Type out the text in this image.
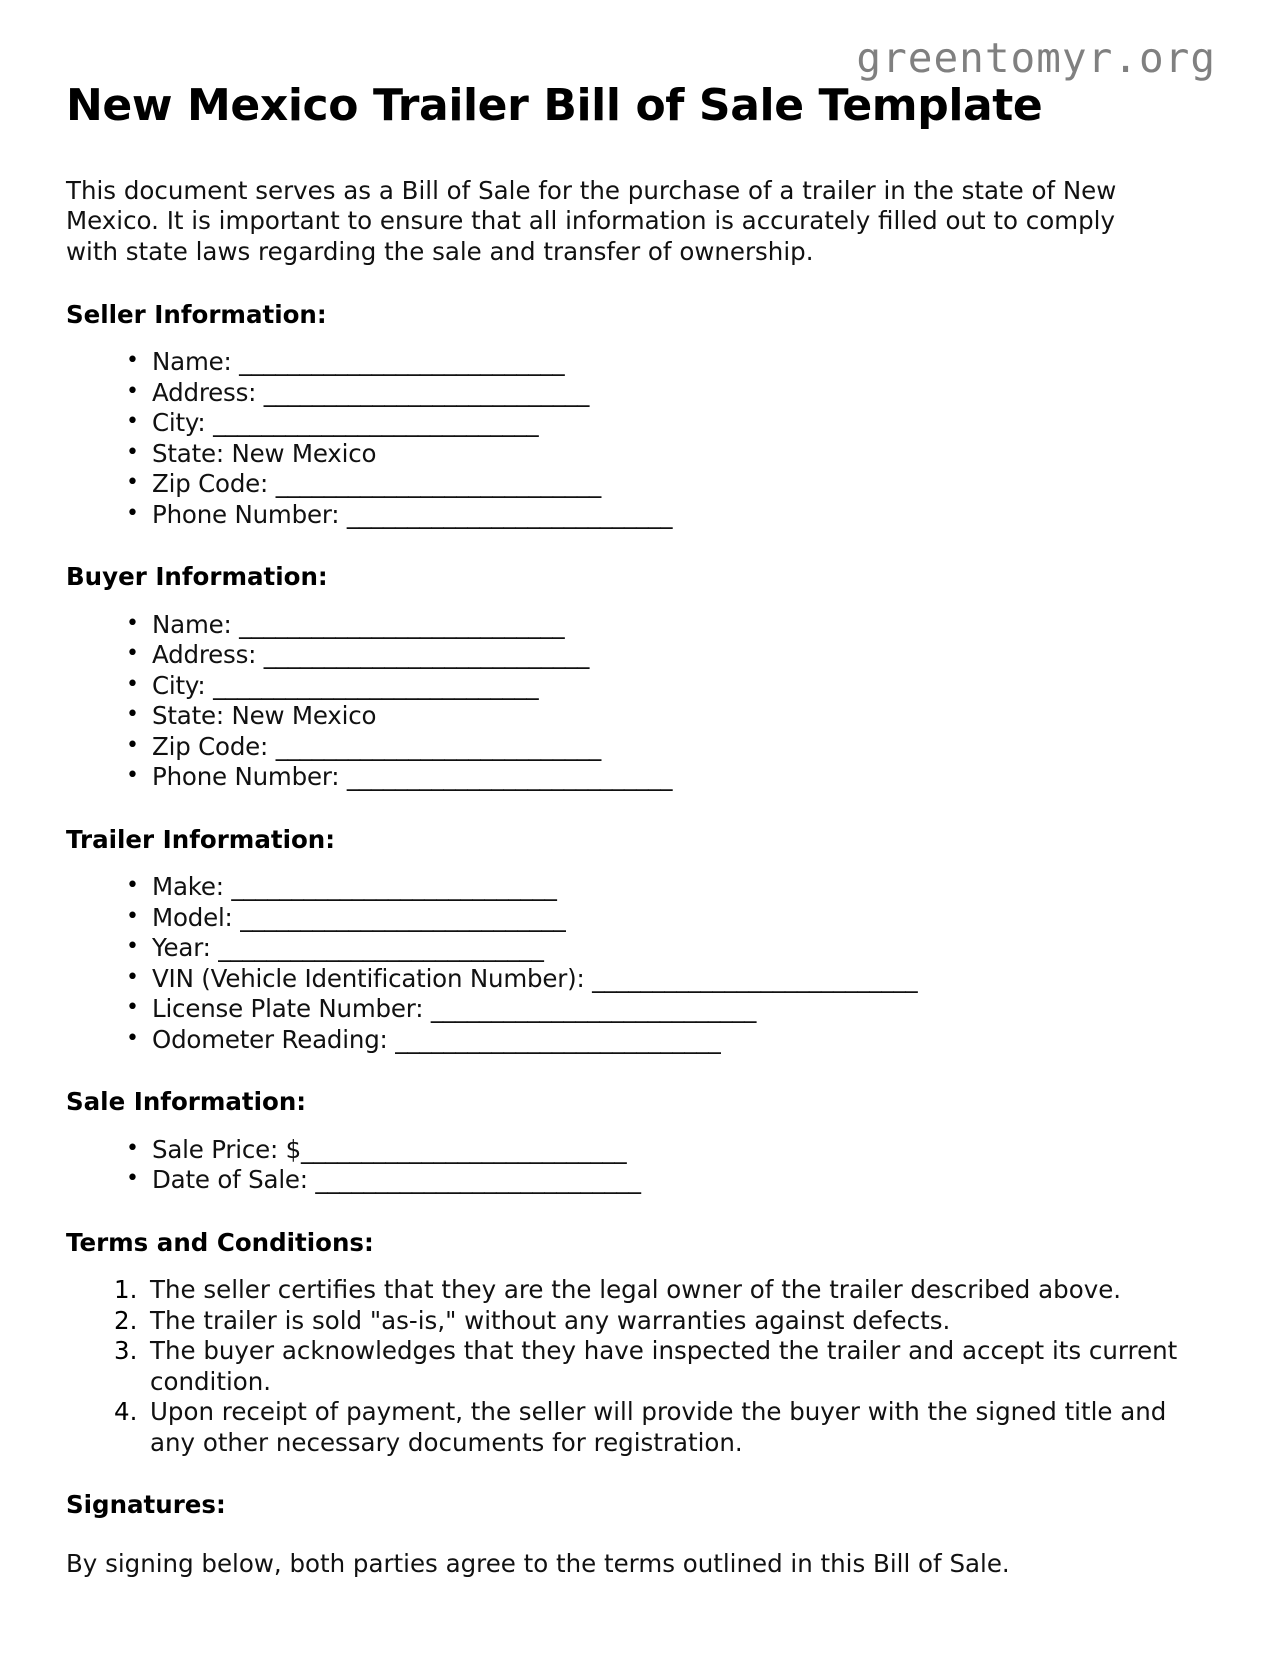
greentomyr.org
New Mexico Trailer Bill of Sale Template

This document serves as a Bill of Sale for the purchase of a trailer in the state of New Mexico. It is important to ensure that all information is accurately filled out to comply with state laws regarding the sale and transfer of ownership.

Seller Information:
• Name: ___________________________
• Address: ___________________________
• City: ___________________________
• State: New Mexico
• Zip Code: ___________________________
• Phone Number: ___________________________
Buyer Information:
• Name: ___________________________
• Address: ___________________________
• City: ___________________________
• State: New Mexico
• Zip Code: ___________________________
• Phone Number: ___________________________
Trailer Information:
• Make: ___________________________
• Model: ___________________________
• Year: ___________________________
• VIN (Vehicle Identification Number): ___________________________
• License Plate Number: ___________________________
• Odometer Reading: ___________________________
Sale Information:
• Sale Price: $___________________________
• Date of Sale: ___________________________
Terms and Conditions:
The seller certifies that they are the legal owner of the trailer described above.
The trailer is sold "as-is," without any warranties against defects.
The buyer acknowledges that they have inspected the trailer and accept its current condition.
Upon receipt of payment, the seller will provide the buyer with the signed title and any other necessary documents for registration.
Signatures:

By signing below, both parties agree to the terms outlined in this Bill of Sale.
